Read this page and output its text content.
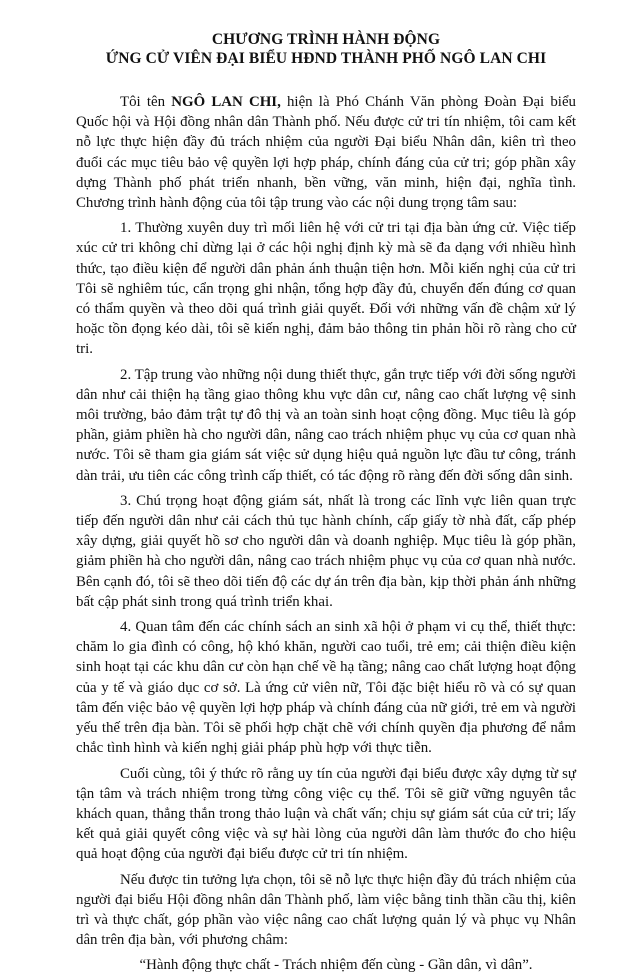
CHƯƠNG TRÌNH HÀNH ĐỘNG
ỨNG CỬ VIÊN ĐẠI BIỂU HĐND THÀNH PHỐ NGÔ LAN CHI

Tôi tên NGÔ LAN CHI, hiện là Phó Chánh Văn phòng Đoàn Đại biểu Quốc hội và Hội đồng nhân dân Thành phố. Nếu được cử tri tín nhiệm, tôi cam kết nỗ lực thực hiện đầy đủ trách nhiệm của người Đại biểu Nhân dân, kiên trì theo đuổi các mục tiêu bảo vệ quyền lợi hợp pháp, chính đáng của cử tri; góp phần xây dựng Thành phố phát triển nhanh, bền vững, văn minh, hiện đại, nghĩa tình. Chương trình hành động của tôi tập trung vào các nội dung trọng tâm sau:

1. Thường xuyên duy trì mối liên hệ với cử tri tại địa bàn ứng cử. Việc tiếp xúc cử tri không chỉ dừng lại ở các hội nghị định kỳ mà sẽ đa dạng với nhiều hình thức, tạo điều kiện để người dân phản ánh thuận tiện hơn. Mỗi kiến nghị của cử tri Tôi sẽ nghiêm túc, cẩn trọng ghi nhận, tổng hợp đầy đủ, chuyển đến đúng cơ quan có thẩm quyền và theo dõi quá trình giải quyết. Đối với những vấn đề chậm xử lý hoặc tồn đọng kéo dài, tôi sẽ kiến nghị, đảm bảo thông tin phản hồi rõ ràng cho cử tri.

2. Tập trung vào những nội dung thiết thực, gắn trực tiếp với đời sống người dân như cải thiện hạ tầng giao thông khu vực dân cư, nâng cao chất lượng vệ sinh môi trường, bảo đảm trật tự đô thị và an toàn sinh hoạt cộng đồng. Mục tiêu là góp phần, giảm phiền hà cho người dân, nâng cao trách nhiệm phục vụ của cơ quan nhà nước. Tôi sẽ tham gia giám sát việc sử dụng hiệu quả nguồn lực đầu tư công, tránh dàn trải, ưu tiên các công trình cấp thiết, có tác động rõ ràng đến đời sống dân sinh.

3. Chú trọng hoạt động giám sát, nhất là trong các lĩnh vực liên quan trực tiếp đến người dân như cải cách thủ tục hành chính, cấp giấy tờ nhà đất, cấp phép xây dựng, giải quyết hồ sơ cho người dân và doanh nghiệp. Mục tiêu là góp phần, giảm phiền hà cho người dân, nâng cao trách nhiệm phục vụ của cơ quan nhà nước. Bên cạnh đó, tôi sẽ theo dõi tiến độ các dự án trên địa bàn, kịp thời phản ánh những bất cập phát sinh trong quá trình triển khai.

4. Quan tâm đến các chính sách an sinh xã hội ở phạm vi cụ thể, thiết thực: chăm lo gia đình có công, hộ khó khăn, người cao tuổi, trẻ em; cải thiện điều kiện sinh hoạt tại các khu dân cư còn hạn chế về hạ tầng; nâng cao chất lượng hoạt động của y tế và giáo dục cơ sở. Là ứng cử viên nữ, Tôi đặc biệt hiểu rõ và có sự quan tâm đến việc bảo vệ quyền lợi hợp pháp và chính đáng của nữ giới, trẻ em và người yếu thế trên địa bàn. Tôi sẽ phối hợp chặt chẽ với chính quyền địa phương để nắm chắc tình hình và kiến nghị giải pháp phù hợp với thực tiễn.

Cuối cùng, tôi ý thức rõ rằng uy tín của người đại biểu được xây dựng từ sự tận tâm và trách nhiệm trong từng công việc cụ thể. Tôi sẽ giữ vững nguyên tắc khách quan, thẳng thắn trong thảo luận và chất vấn; chịu sự giám sát của cử tri; lấy kết quả giải quyết công việc và sự hài lòng của người dân làm thước đo cho hiệu quả hoạt động của người đại biểu được cử tri tín nhiệm.

Nếu được tin tưởng lựa chọn, tôi sẽ nỗ lực thực hiện đầy đủ trách nhiệm của người đại biểu Hội đồng nhân dân Thành phố, làm việc bằng tinh thần cầu thị, kiên trì và thực chất, góp phần vào việc nâng cao chất lượng quản lý và phục vụ Nhân dân trên địa bàn, với phương châm:

“Hành động thực chất - Trách nhiệm đến cùng - Gần dân, vì dân”.
